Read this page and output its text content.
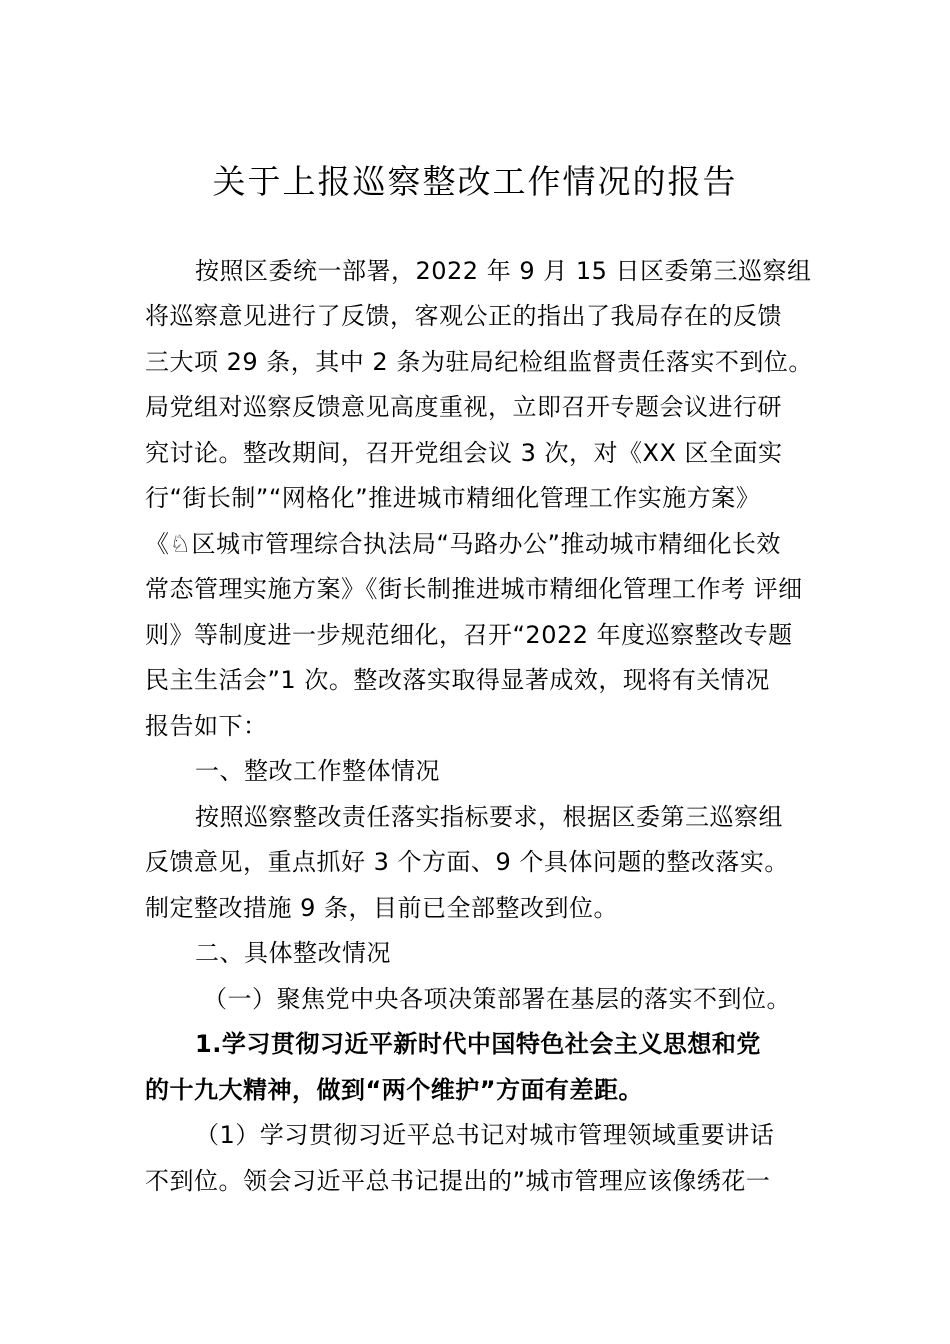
关于上报巡察整改工作情况的报告
按照区委统一部署，2022 年 9 月 15 日区委第三巡察组
将巡察意见进行了反馈，客观公正的指出了我局存在的反馈
三大项 29 条，其中 2 条为驻局纪检组监督责任落实不到位。
局党组对巡察反馈意见高度重视，立即召开专题会议进行研
究讨论。整改期间，召开党组会议 3 次，对《XX 区全面实
行“街长制”“网格化”推进城市精细化管理工作实施方案》
《♘区城市管理综合执法局“马路办公”推动城市精细化长效
常态管理实施方案》《街长制推进城市精细化管理工作考 评细
则》等制度进一步规范细化，召开“2022 年度巡察整改专题
民主生活会”1 次。整改落实取得显著成效，现将有关情况
报告如下：
一、整改工作整体情况
按照巡察整改责任落实指标要求，根据区委第三巡察组
反馈意见，重点抓好 3 个方面、9 个具体问题的整改落实。
制定整改措施 9 条，目前已全部整改到位。
二、具体整改情况
（一）聚焦党中央各项决策部署在基层的落实不到位。
1.学习贯彻习近平新时代中国特色社会主义思想和党
的十九大精神，做到“两个维护”方面有差距。
（1）学习贯彻习近平总书记对城市管理领域重要讲话
不到位。领会习近平总书记提出的”城市管理应该像绣花一
